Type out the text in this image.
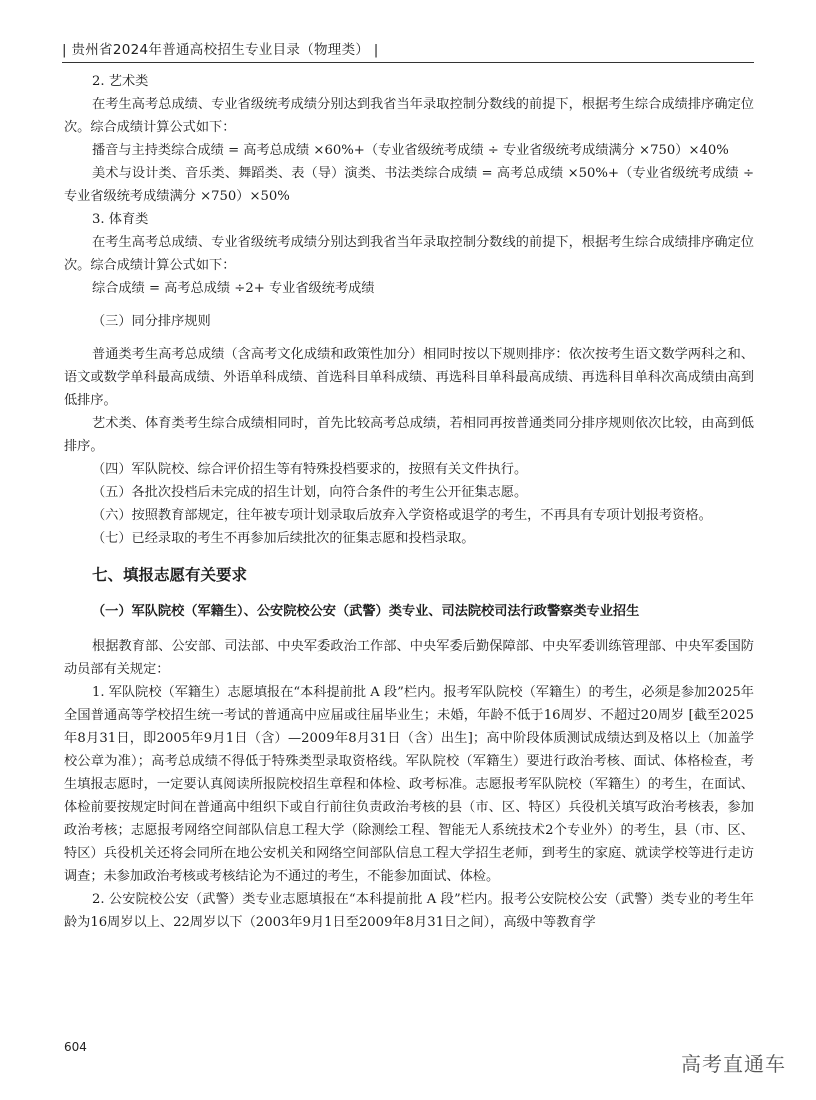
| 贵州省2024年普通高校招生专业目录（物理类） |

2. 艺术类

在考生高考总成绩、专业省级统考成绩分别达到我省当年录取控制分数线的前提下，根据考生综合成绩排序确定位次。综合成绩计算公式如下：

播音与主持类综合成绩 = 高考总成绩 ×60%+（专业省级统考成绩 ÷ 专业省级统考成绩满分 ×750）×40%

美术与设计类、音乐类、舞蹈类、表（导）演类、书法类综合成绩 = 高考总成绩 ×50%+（专业省级统考成绩 ÷ 专业省级统考成绩满分 ×750）×50%

3. 体育类

在考生高考总成绩、专业省级统考成绩分别达到我省当年录取控制分数线的前提下，根据考生综合成绩排序确定位次。综合成绩计算公式如下：

综合成绩 = 高考总成绩 ÷2+ 专业省级统考成绩

（三）同分排序规则

普通类考生高考总成绩（含高考文化成绩和政策性加分）相同时按以下规则排序：依次按考生语文数学两科之和、语文或数学单科最高成绩、外语单科成绩、首选科目单科成绩、再选科目单科最高成绩、再选科目单科次高成绩由高到低排序。

艺术类、体育类考生综合成绩相同时，首先比较高考总成绩，若相同再按普通类同分排序规则依次比较，由高到低排序。

（四）军队院校、综合评价招生等有特殊投档要求的，按照有关文件执行。

（五）各批次投档后未完成的招生计划，向符合条件的考生公开征集志愿。

（六）按照教育部规定，往年被专项计划录取后放弃入学资格或退学的考生，不再具有专项计划报考资格。

（七）已经录取的考生不再参加后续批次的征集志愿和投档录取。

七、填报志愿有关要求

（一）军队院校（军籍生）、公安院校公安（武警）类专业、司法院校司法行政警察类专业招生

根据教育部、公安部、司法部、中央军委政治工作部、中央军委后勤保障部、中央军委训练管理部、中央军委国防动员部有关规定：

1. 军队院校（军籍生）志愿填报在“本科提前批 A 段”栏内。报考军队院校（军籍生）的考生，必须是参加2025年全国普通高等学校招生统一考试的普通高中应届或往届毕业生；未婚，年龄不低于16周岁、不超过20周岁 [截至2025年8月31日，即2005年9月1日（含）—2009年8月31日（含）出生]；高中阶段体质测试成绩达到及格以上（加盖学校公章为准）；高考总成绩不得低于特殊类型录取资格线。军队院校（军籍生）要进行政治考核、面试、体格检查，考生填报志愿时，一定要认真阅读所报院校招生章程和体检、政考标准。志愿报考军队院校（军籍生）的考生，在面试、体检前要按规定时间在普通高中组织下或自行前往负责政治考核的县（市、区、特区）兵役机关填写政治考核表，参加政治考核；志愿报考网络空间部队信息工程大学（除测绘工程、智能无人系统技术2个专业外）的考生，县（市、区、特区）兵役机关还将会同所在地公安机关和网络空间部队信息工程大学招生老师，到考生的家庭、就读学校等进行走访调查；未参加政治考核或考核结论为不通过的考生，不能参加面试、体检。

2. 公安院校公安（武警）类专业志愿填报在“本科提前批 A 段”栏内。报考公安院校公安（武警）类专业的考生年龄为16周岁以上、22周岁以下（2003年9月1日至2009年8月31日之间），高级中等教育学

604
高考直通车
